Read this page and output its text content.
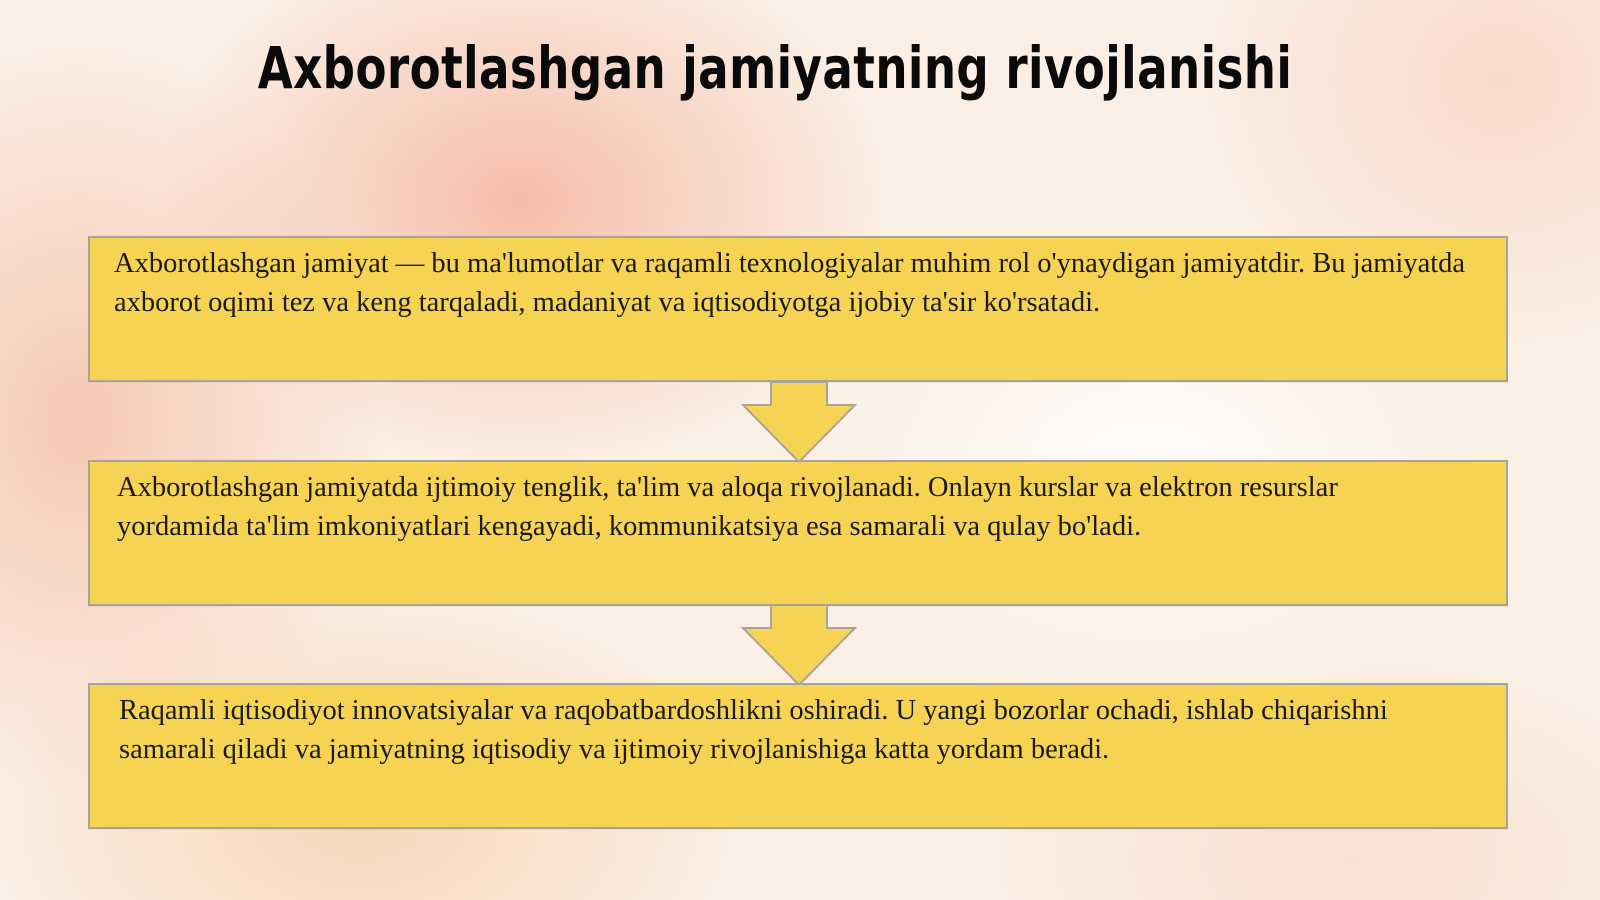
Axborotlashgan jamiyatning rivojlanishi

Axborotlashgan jamiyat — bu ma'lumotlar va raqamli texnologiyalar muhim rol o'ynaydigan jamiyatdir. Bu jamiyatda axborot oqimi tez va keng tarqaladi, madaniyat va iqtisodiyotga ijobiy ta'sir ko'rsatadi.

Axborotlashgan jamiyatda ijtimoiy tenglik, ta'lim va aloqa rivojlanadi. Onlayn kurslar va elektron resurslar yordamida ta'lim imkoniyatlari kengayadi, kommunikatsiya esa samarali va qulay bo'ladi.

Raqamli iqtisodiyot innovatsiyalar va raqobatbardoshlikni oshiradi. U yangi bozorlar ochadi, ishlab chiqarishni samarali qiladi va jamiyatning iqtisodiy va ijtimoiy rivojlanishiga katta yordam beradi.
